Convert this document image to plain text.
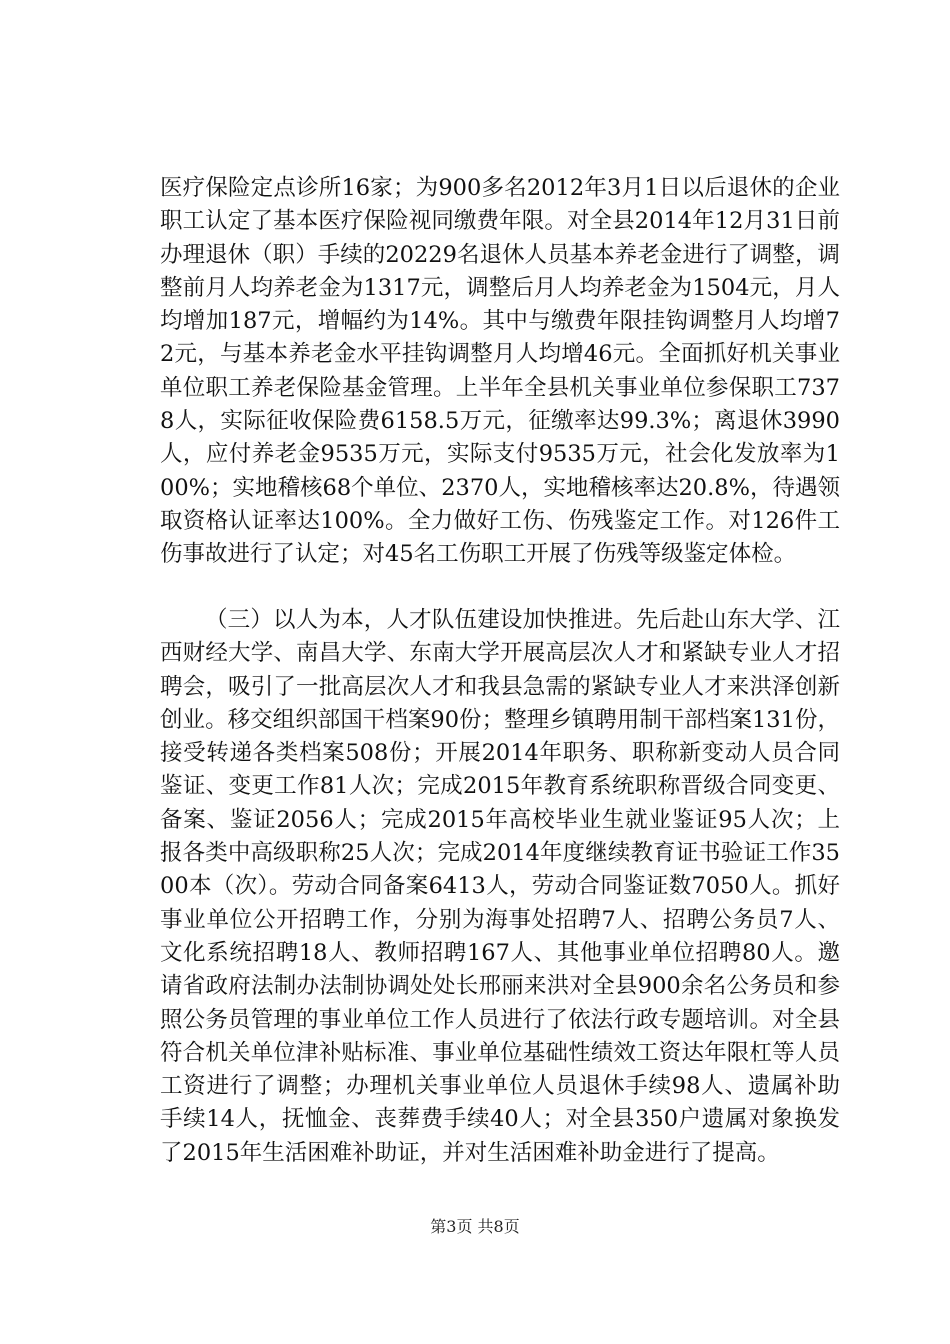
医疗保险定点诊所16家；为900多名2012年3月1日以后退休的企业职工认定了基本医疗保险视同缴费年限。对全县2014年12月31日前办理退休（职）手续的20229名退休人员基本养老金进行了调整，调整前月人均养老金为1317元，调整后月人均养老金为1504元，月人均增加187元，增幅约为14%。其中与缴费年限挂钩调整月人均增72元，与基本养老金水平挂钩调整月人均增46元。全面抓好机关事业单位职工养老保险基金管理。上半年全县机关事业单位参保职工7378人，实际征收保险费6158.5万元，征缴率达99.3%；离退休3990人，应付养老金9535万元，实际支付9535万元，社会化发放率为100%；实地稽核68个单位、2370人，实地稽核率达20.8%，待遇领取资格认证率达100%。全力做好工伤、伤残鉴定工作。对126件工伤事故进行了认定；对45名工伤职工开展了伤残等级鉴定体检。

（三）以人为本，人才队伍建设加快推进。先后赴山东大学、江西财经大学、南昌大学、东南大学开展高层次人才和紧缺专业人才招聘会，吸引了一批高层次人才和我县急需的紧缺专业人才来洪泽创新创业。移交组织部国干档案90份；整理乡镇聘用制干部档案131份，接受转递各类档案508份；开展2014年职务、职称新变动人员合同鉴证、变更工作81人次；完成2015年教育系统职称晋级合同变更、备案、鉴证2056人；完成2015年高校毕业生就业鉴证95人次；上报各类中高级职称25人次；完成2014年度继续教育证书验证工作3500本（次）。劳动合同备案6413人，劳动合同鉴证数7050人。抓好事业单位公开招聘工作，分别为海事处招聘7人、招聘公务员7人、文化系统招聘18人、教师招聘167人、其他事业单位招聘80人。邀请省政府法制办法制协调处处长邢丽来洪对全县900余名公务员和参照公务员管理的事业单位工作人员进行了依法行政专题培训。对全县符合机关单位津补贴标准、事业单位基础性绩效工资达年限杠等人员工资进行了调整；办理机关事业单位人员退休手续98人、遗属补助手续14人，抚恤金、丧葬费手续40人；对全县350户遗属对象换发了2015年生活困难补助证，并对生活困难补助金进行了提高。

第3页 共8页
